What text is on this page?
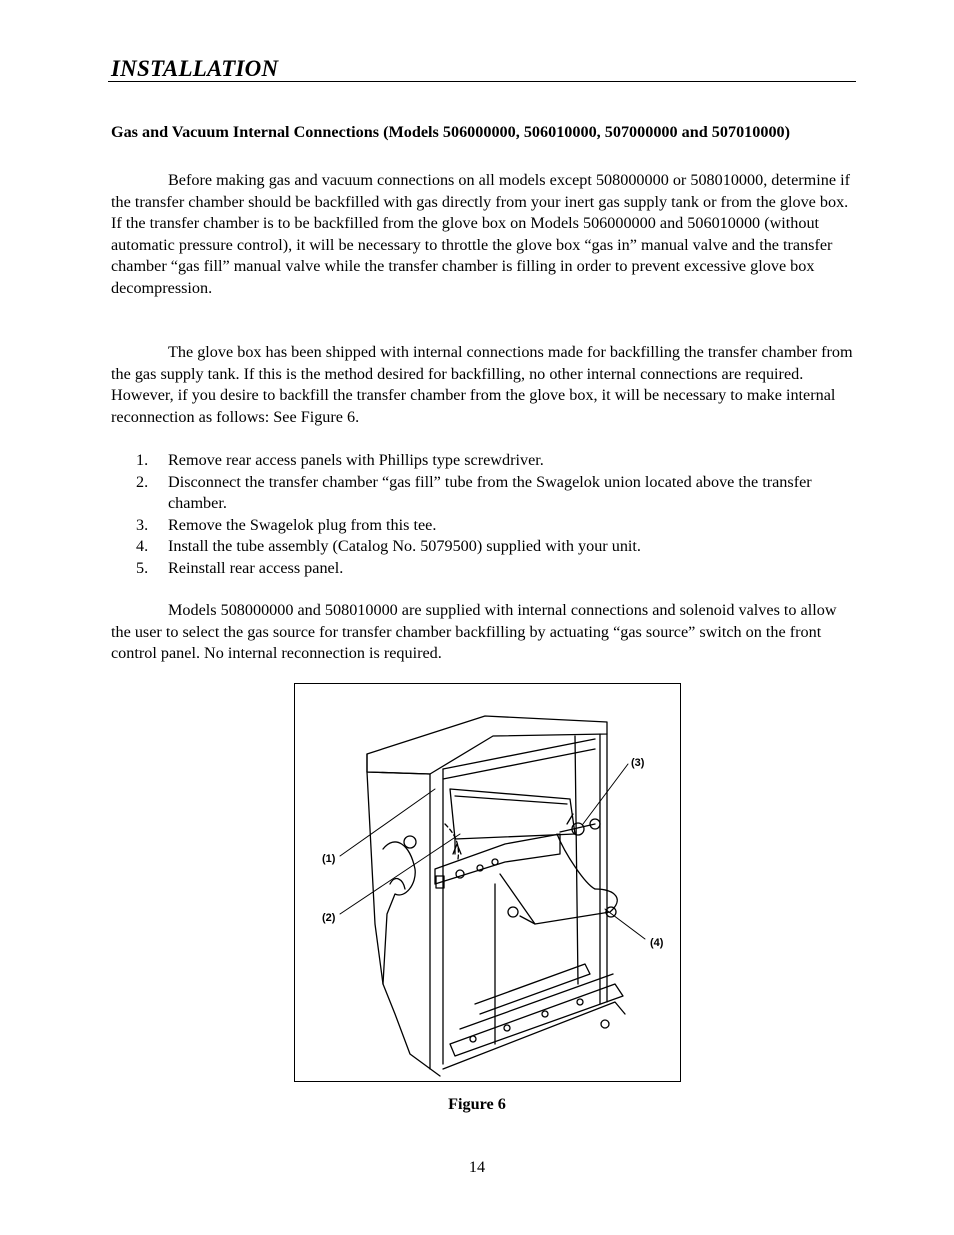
INSTALLATION
Gas and Vacuum Internal Connections (Models 506000000, 506010000, 507000000 and 507010000)

Before making gas and vacuum connections on all models except 508000000 or 508010000, determine if the transfer chamber should be backfilled with gas directly from your inert gas supply tank or from the glove box. If the transfer chamber is to be backfilled from the glove box on Models 506000000 and 506010000 (without automatic pressure control), it will be necessary to throttle the glove box “gas in” manual valve and the transfer chamber “gas fill” manual valve while the transfer chamber is filling in order to prevent excessive glove box decompression.

The glove box has been shipped with internal connections made for backfilling the transfer chamber from the gas supply tank. If this is the method desired for backfilling, no other internal connections are required. However, if you desire to backfill the transfer chamber from the glove box, it will be necessary to make internal reconnection as follows: See Figure 6.

1. Remove rear access panels with Phillips type screwdriver.
2. Disconnect the transfer chamber “gas fill” tube from the Swagelok union located above the transfer chamber.
3. Remove the Swagelok plug from this tee.
4. Install the tube assembly (Catalog No. 5079500) supplied with your unit.
5. Reinstall rear access panel.

Models 508000000 and 508010000 are supplied with internal connections and solenoid valves to allow the user to select the gas source for transfer chamber backfilling by actuating “gas source” switch on the front control panel. No internal reconnection is required.

(1)
(2)
(3)
(4)

Figure 6

14
